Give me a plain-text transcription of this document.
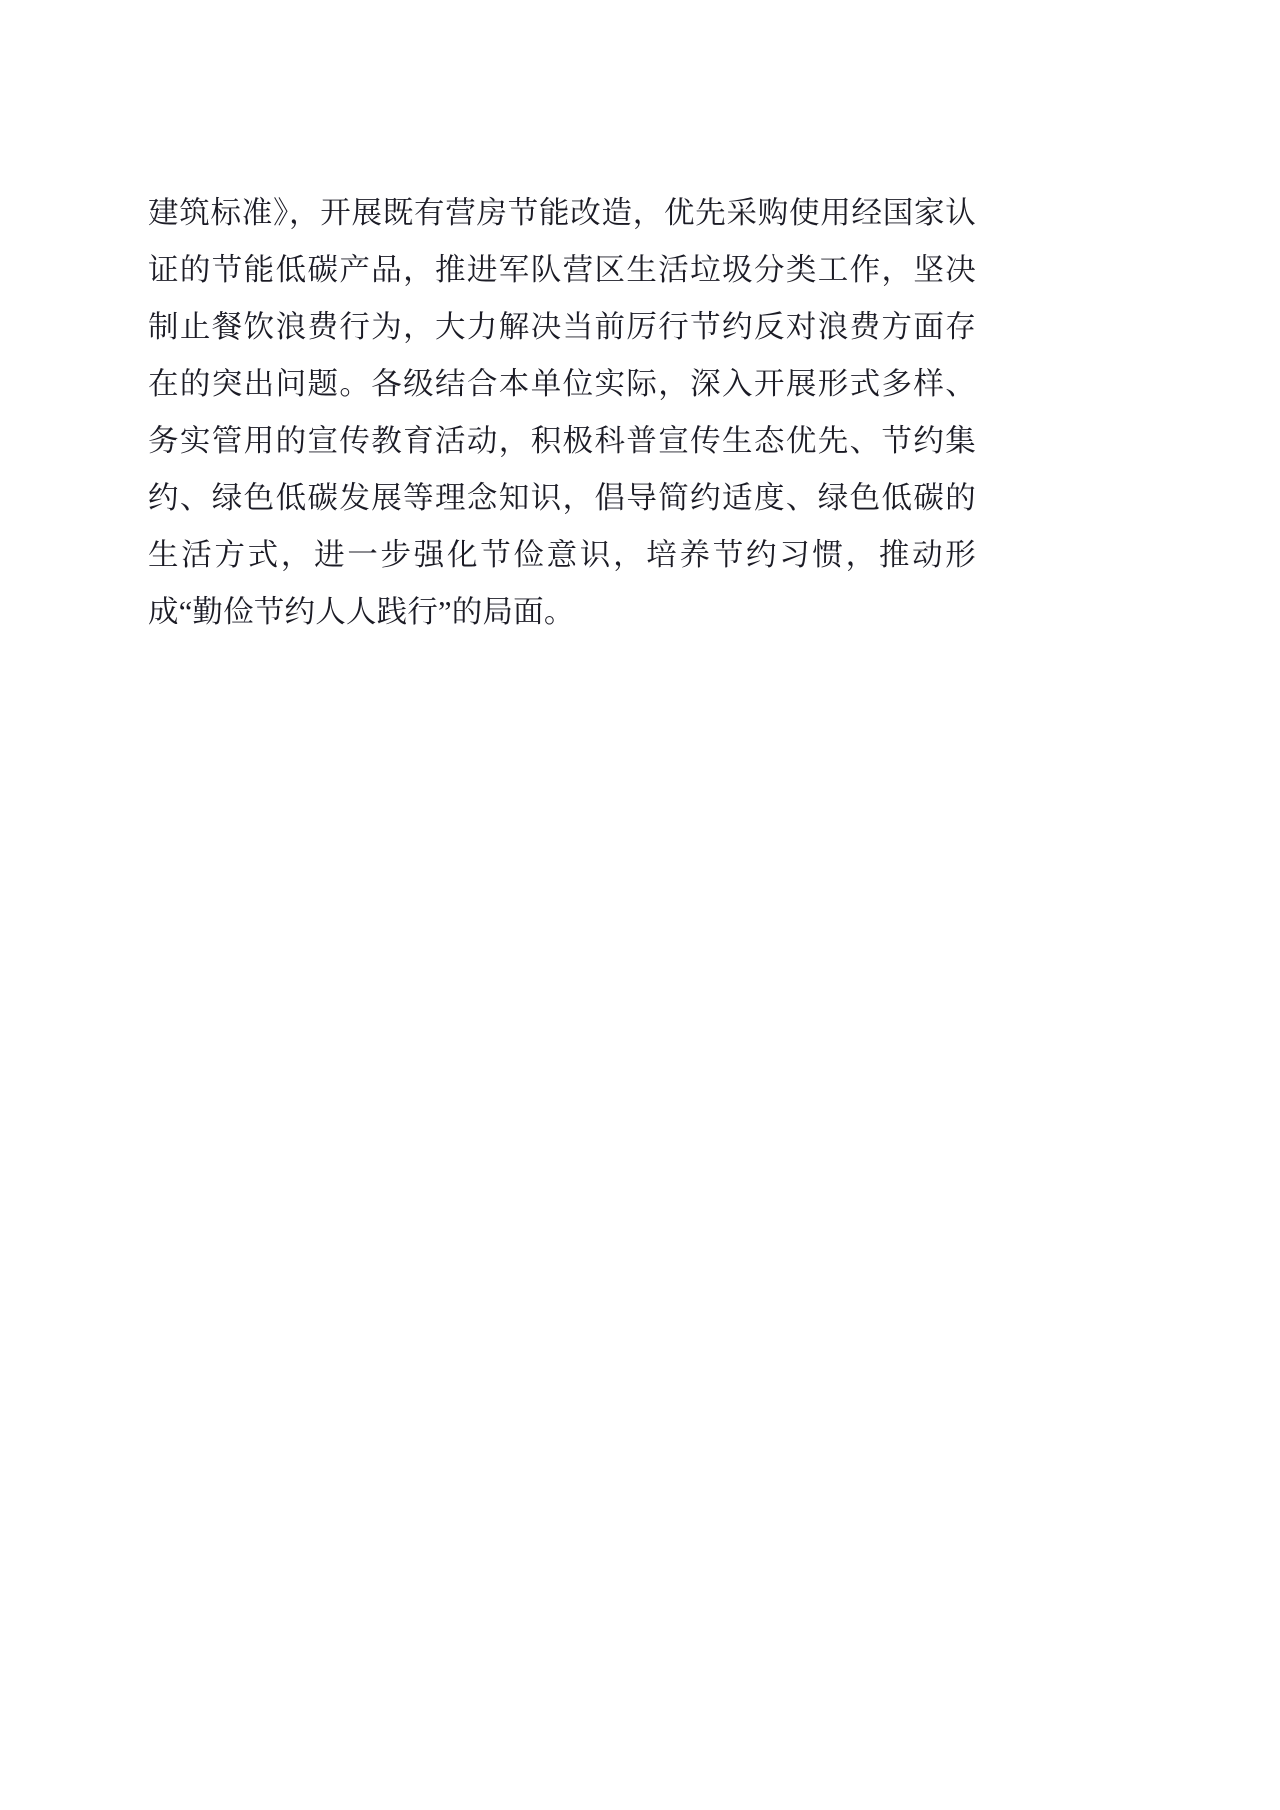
建筑标准》，开展既有营房节能改造，优先采购使用经国家认证的节能低碳产品，推进军队营区生活垃圾分类工作，坚决制止餐饮浪费行为，大力解决当前厉行节约反对浪费方面存在的突出问题。各级结合本单位实际，深入开展形式多样、务实管用的宣传教育活动，积极科普宣传生态优先、节约集约、绿色低碳发展等理念知识，倡导简约适度、绿色低碳的生活方式，进一步强化节俭意识，培养节约习惯，推动形成“勤俭节约人人践行”的局面。
